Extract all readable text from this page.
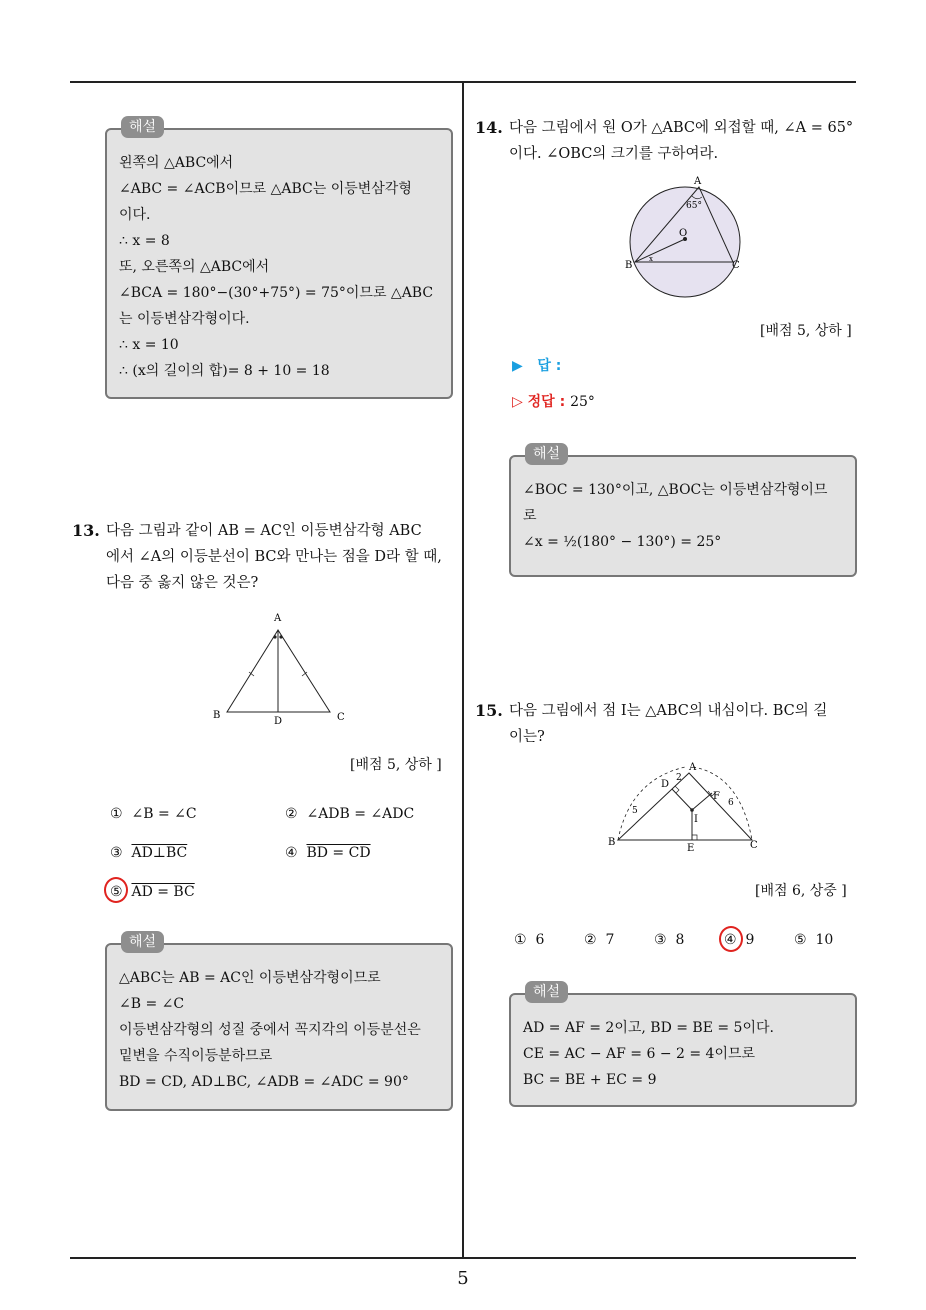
5
해설
왼쪽의 △ABC에서
∠ABC = ∠ACB이므로 △ABC는 이등변삼각형
이다.
∴ x = 8
또, 오른쪽의 △ABC에서
∠BCA = 180°−(30°+75°) = 75°이므로 △ABC
는 이등변삼각형이다.
∴ x = 10
∴ (x의 길이의 합)= 8 + 10 = 18
13. 다음 그림과 같이 AB = AC인 이등변삼각형 ABC
에서 ∠A의 이등분선이 BC와 만나는 점을 D라 할 때,
다음 중 옳지 않은 것은?
A
B	C
D
[배점 5, 상하 ]
① ∠B = ∠C	② ∠ADB = ∠ADC
③ AD⊥BC	④ BD = CD
⑤ AD = BC
해설
△ABC는 AB = AC인 이등변삼각형이므로
∠B = ∠C
이등변삼각형의 성질 중에서 꼭지각의 이등분선은
밑변을 수직이등분하므로
BD = CD, AD⊥BC, ∠ADB = ∠ADC = 90°
14. 다음 그림에서 원 O가 △ABC에 외접할 때, ∠A = 65°
이다. ∠OBC의 크기를 구하여라.
A
B	C
O
65°
x
[배점 5, 상하 ]
▶ 답 :
▷ 정답 : 25°
해설
∠BOC = 130°이고, △BOC는 이등변삼각형이므
로
∠x = ½(180° − 130°) = 25°
15. 다음 그림에서 점 I는 △ABC의 내심이다. BC의 길
이는?
A
B	C
D
E
F
I
2
5
6
[배점 6, 상중 ]
① 6	② 7	③ 8	④ 9	⑤ 10
해설
AD = AF = 2이고, BD = BE = 5이다.
CE = AC − AF = 6 − 2 = 4이므로
BC = BE + EC = 9
